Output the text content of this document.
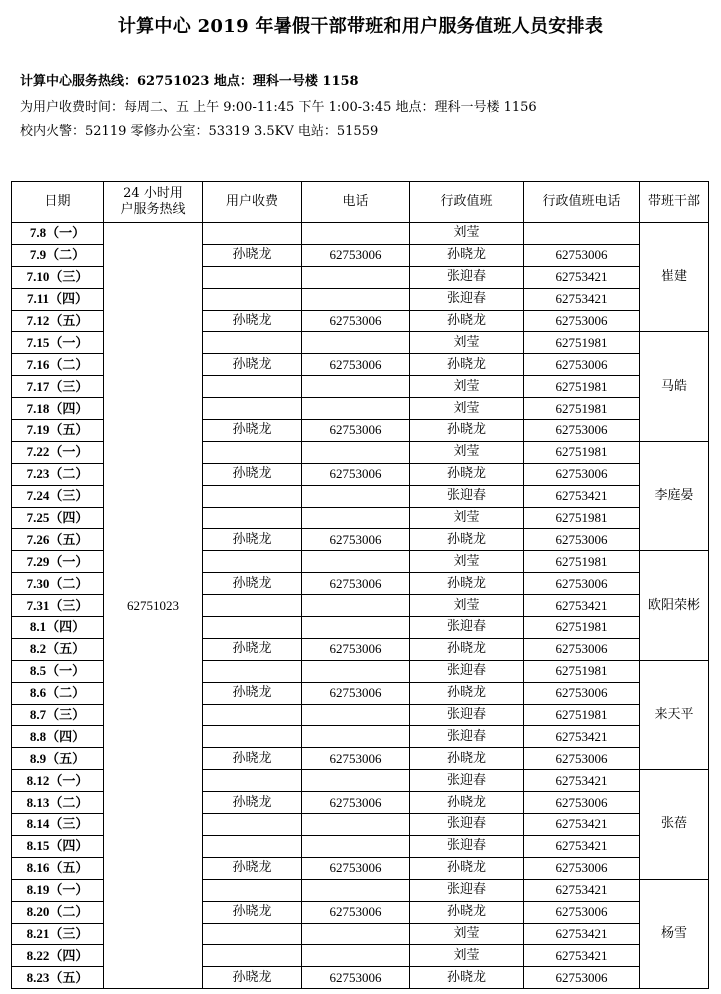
计算中心 2019 年暑假干部带班和用户服务值班人员安排表
计算中心服务热线：62751023 地点：理科一号楼 1158
为用户收费时间：每周二、五 上午 9:00-11:45 下午 1:00-3:45 地点：理科一号楼 1156
校内火警：52119 零修办公室：53319 3.5KV 电站：51559
日期	24 小时用户服务热线	用户收费	电话	行政值班	行政值班电话	带班干部
7.8（一）	62751023			刘莹		崔建
7.9（二）		孙晓龙	62753006	孙晓龙	62753006	
7.10（三）				张迎春	62753421	
7.11（四）				张迎春	62753421	
7.12（五）		孙晓龙	62753006	孙晓龙	62753006	
7.15（一）				刘莹	62751981	马皓
7.16（二）		孙晓龙	62753006	孙晓龙	62753006	
7.17（三）				刘莹	62751981	
7.18（四）				刘莹	62751981	
7.19（五）		孙晓龙	62753006	孙晓龙	62753006	
7.22（一）				刘莹	62751981	李庭晏
7.23（二）		孙晓龙	62753006	孙晓龙	62753006	
7.24（三）				张迎春	62753421	
7.25（四）				刘莹	62751981	
7.26（五）		孙晓龙	62753006	孙晓龙	62753006	
7.29（一）				刘莹	62751981	欧阳荣彬
7.30（二）		孙晓龙	62753006	孙晓龙	62753006	
7.31（三）				刘莹	62753421	
8.1（四）				张迎春	62751981	
8.2（五）		孙晓龙	62753006	孙晓龙	62753006	
8.5（一）				张迎春	62751981	来天平
8.6（二）		孙晓龙	62753006	孙晓龙	62753006	
8.7（三）				张迎春	62751981	
8.8（四）				张迎春	62753421	
8.9（五）		孙晓龙	62753006	孙晓龙	62753006	
8.12（一）				张迎春	62753421	张蓓
8.13（二）		孙晓龙	62753006	孙晓龙	62753006	
8.14（三）				张迎春	62753421	
8.15（四）				张迎春	62753421	
8.16（五）		孙晓龙	62753006	孙晓龙	62753006	
8.19（一）				张迎春	62753421	杨雪
8.20（二）		孙晓龙	62753006	孙晓龙	62753006	
8.21（三）				刘莹	62753421	
8.22（四）				刘莹	62753421	
8.23（五）		孙晓龙	62753006	孙晓龙	62753006	
